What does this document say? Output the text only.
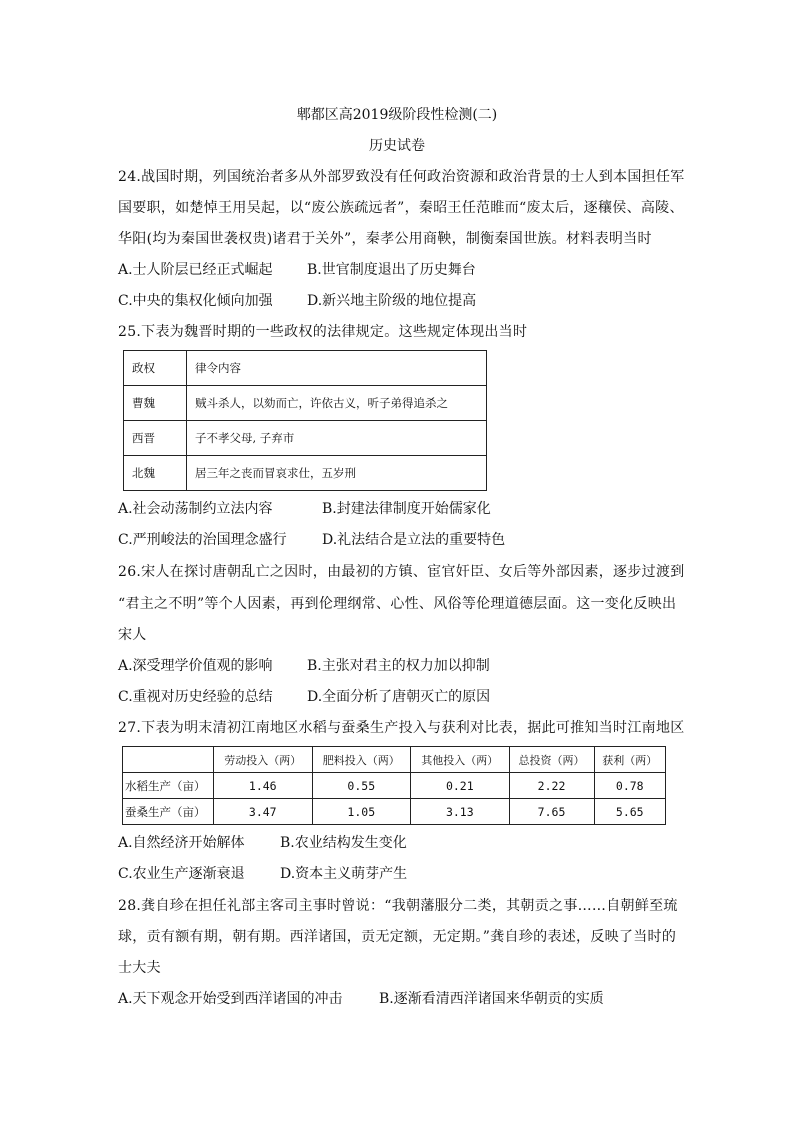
郫都区高2019级阶段性检测(二)
历史试卷
24.战国时期，列国统治者多从外部罗致没有任何政治资源和政治背景的士人到本国担任军
国要职，如楚悼王用吴起，以“废公族疏远者”，秦昭王任范睢而“废太后，逐穰侯、高陵、
华阳(均为秦国世袭权贵)诸君于关外”，秦孝公用商鞅，制衡秦国世族。材料表明当时
A.士人阶层已经正式崛起 B.世官制度退出了历史舞台
C.中央的集权化倾向加强 D.新兴地主阶级的地位提高
25.下表为魏晋时期的一些政权的法律规定。这些规定体现出当时
政权	律令内容
曹魏	贼斗杀人，以劾而亡，许依古义，听子弟得追杀之
西晋	子不孝父母, 子弃市
北魏	居三年之丧而冒哀求仕，五岁刑
A.社会动荡制约立法内容	B.封建法律制度开始儒家化
C.严刑峻法的治国理念盛行	D.礼法结合是立法的重要特色
26.宋人在探讨唐朝乱亡之因时，由最初的方镇、宦官奸臣、女后等外部因素，逐步过渡到
“君主之不明”等个人因素，再到伦理纲常、心性、风俗等伦理道德层面。这一变化反映出
宋人
A.深受理学价值观的影响 B.主张对君主的权力加以抑制
C.重视对历史经验的总结 D.全面分析了唐朝灭亡的原因
27.下表为明末清初江南地区水稻与蚕桑生产投入与获利对比表，据此可推知当时江南地区
	劳动投入（两）	肥料投入（两）	其他投入（两）	总投资（两）	获利（两）
水稻生产（亩）	1.46	0.55	0.21	2.22	0.78
蚕桑生产（亩）	3.47	1.05	3.13	7.65	5.65
A.自然经济开始解体	B.农业结构发生变化
C.农业生产逐渐衰退	D.资本主义萌芽产生
28.龚自珍在担任礼部主客司主事时曾说：“我朝藩服分二类，其朝贡之事……自朝鲜至琉
球，贡有额有期，朝有期。西洋诸国，贡无定额，无定期。”龚自珍的表述，反映了当时的
士大夫
A.天下观念开始受到西洋诸国的冲击	B.逐渐看清西洋诸国来华朝贡的实质
